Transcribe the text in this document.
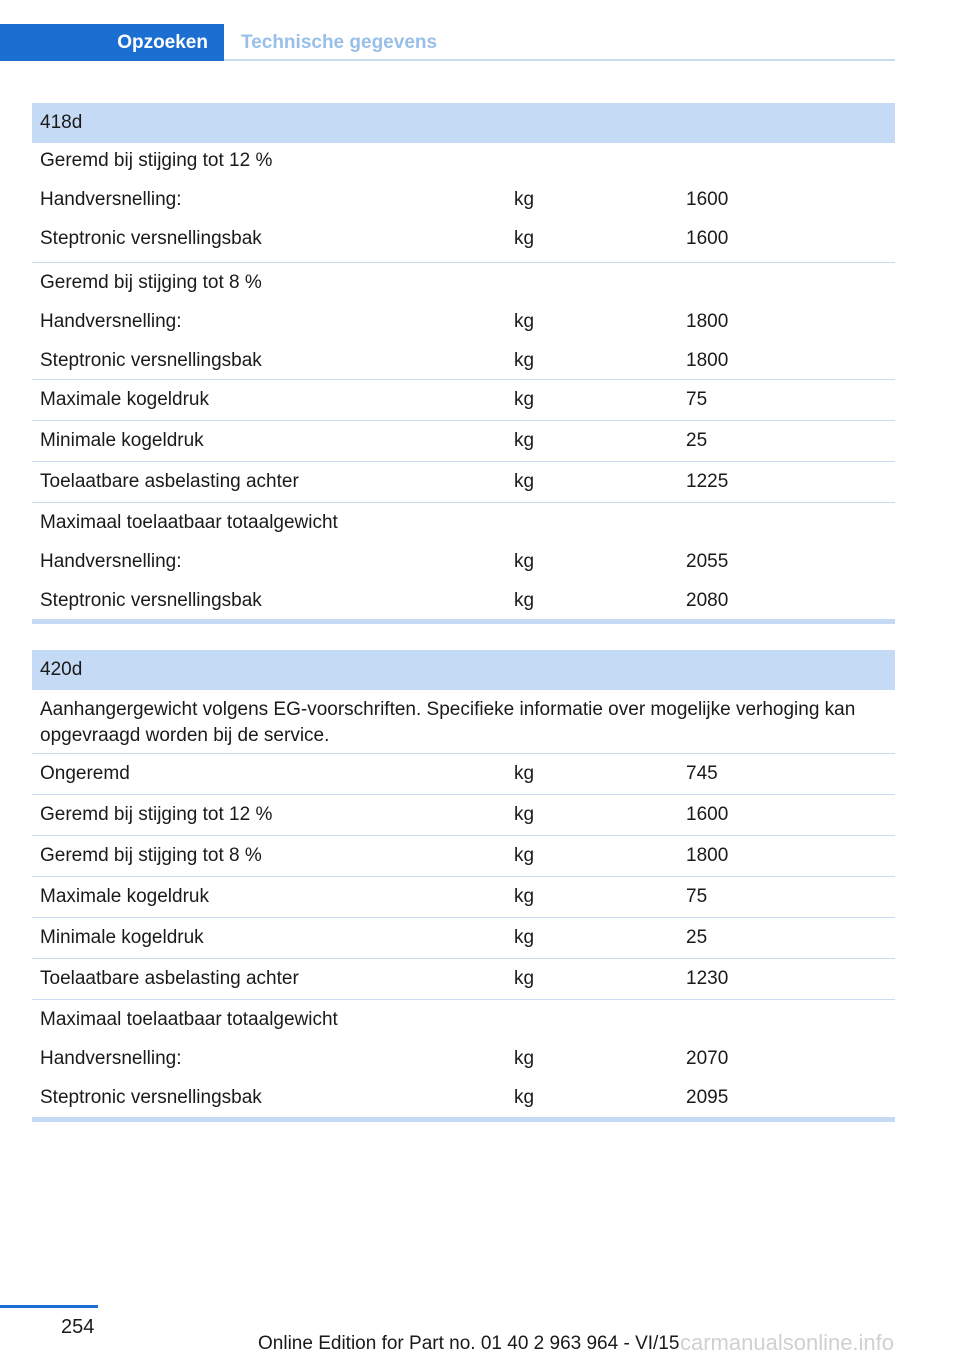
Opzoeken Technische gegevens
418d
Geremd bij stijging tot 12 %
Handversnelling:	kg	1600
Steptronic versnellingsbak	kg	1600
Geremd bij stijging tot 8 %
Handversnelling:	kg	1800
Steptronic versnellingsbak	kg	1800
Maximale kogeldruk	kg	75
Minimale kogeldruk	kg	25
Toelaatbare asbelasting achter	kg	1225
Maximaal toelaatbaar totaalgewicht
Handversnelling:	kg	2055
Steptronic versnellingsbak	kg	2080
420d
Aanhangergewicht volgens EG-voorschriften. Specifieke informatie over mogelijke verhoging kan opgevraagd worden bij de service.
Ongeremd	kg	745
Geremd bij stijging tot 12 %	kg	1600
Geremd bij stijging tot 8 %	kg	1800
Maximale kogeldruk	kg	75
Minimale kogeldruk	kg	25
Toelaatbare asbelasting achter	kg	1230
Maximaal toelaatbaar totaalgewicht
Handversnelling:	kg	2070
Steptronic versnellingsbak	kg	2095
254
Online Edition for Part no. 01 40 2 963 964 - VI/15 carmanualsonline.info
